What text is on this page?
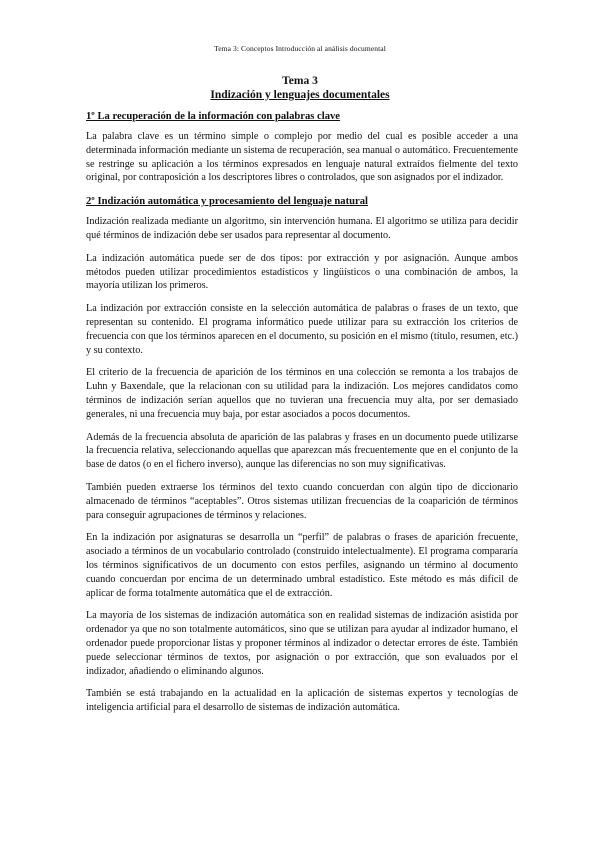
Tema 3: Conceptos Introducción al análisis documental
Tema 3
Indización y lenguajes documentales
1º La recuperación de la información con palabras clave

La palabra clave es un término simple o complejo por medio del cual es posible acceder a una determinada información mediante un sistema de recuperación, sea manual o automático. Frecuentemente se restringe su aplicación a los términos expresados en lenguaje natural extraídos fielmente del texto original, por contraposición a los descriptores libres o controlados, que son asignados por el indizador.

2º Indización automática y procesamiento del lenguaje natural

Indización realizada mediante un algoritmo, sin intervención humana. El algoritmo se utiliza para decidir qué términos de indización debe ser usados para representar al documento.

La indización automática puede ser de dos tipos: por extracción y por asignación. Aunque ambos métodos pueden utilizar procedimientos estadísticos y lingüísticos o una combinación de ambos, la mayoría utilizan los primeros.

La indización por extracción consiste en la selección automática de palabras o frases de un texto, que representan su contenido. El programa informático puede utilizar para su extracción los criterios de frecuencia con que los términos aparecen en el documento, su posición en el mismo (título, resumen, etc.) y su contexto.

El criterio de la frecuencia de aparición de los términos en una colección se remonta a los trabajos de Luhn y Baxendale, que la relacionan con su utilidad para la indización. Los mejores candidatos como términos de indización serían aquellos que no tuvieran una frecuencia muy alta, por ser demasiado generales, ni una frecuencia muy baja, por estar asociados a pocos documentos.

Además de la frecuencia absoluta de aparición de las palabras y frases en un documento puede utilizarse la frecuencia relativa, seleccionando aquellas que aparezcan más frecuentemente que en el conjunto de la base de datos (o en el fichero inverso), aunque las diferencias no son muy significativas.

También pueden extraerse los términos del texto cuando concuerdan con algún tipo de diccionario almacenado de términos “aceptables”. Otros sistemas utilizan frecuencias de la coaparición de términos para conseguir agrupaciones de términos y relaciones.

En la indización por asignaturas se desarrolla un “perfil” de palabras o frases de aparición frecuente, asociado a términos de un vocabulario controlado (construido intelectualmente). El programa compararía los términos significativos de un documento con estos perfiles, asignando un término al documento cuando concuerdan por encima de un determinado umbral estadístico. Este método es más difícil de aplicar de forma totalmente automática que el de extracción.

La mayoría de los sistemas de indización automática son en realidad sistemas de indización asistida por ordenador ya que no son totalmente automáticos, sino que se utilizan para ayudar al indizador humano, el ordenador puede proporcionar listas y proponer términos al indizador o detectar errores de éste. También puede seleccionar términos de textos, por asignación o por extracción, que son evaluados por el indizador, añadiendo o eliminando algunos.

También se está trabajando en la actualidad en la aplicación de sistemas expertos y tecnologías de inteligencia artificial para el desarrollo de sistemas de indización automática.
